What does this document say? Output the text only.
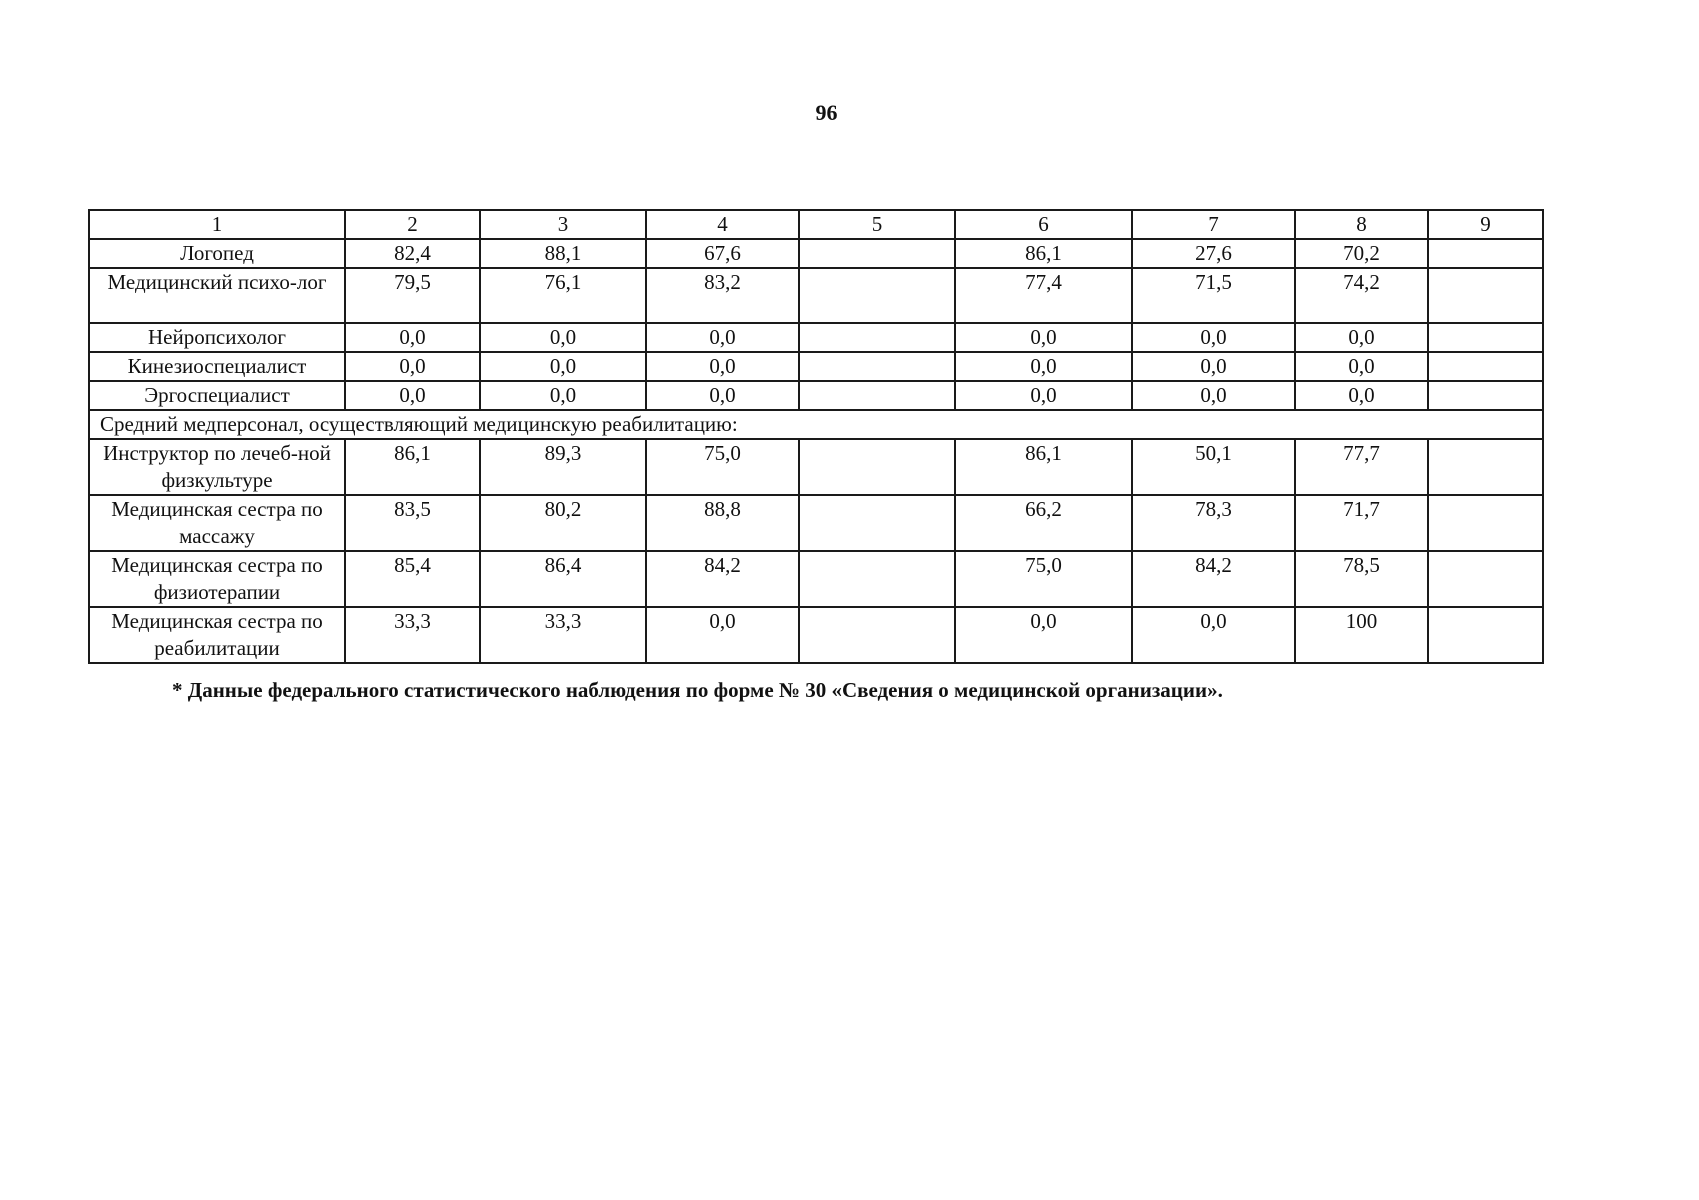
96
1	2	3	4	5	6	7	8	9
Логопед	82,4	88,1	67,6		86,1	27,6	70,2	
Медицинский психо-лог	79,5	76,1	83,2		77,4	71,5	74,2	
Нейропсихолог	0,0	0,0	0,0		0,0	0,0	0,0	
Кинезиоспециалист	0,0	0,0	0,0		0,0	0,0	0,0	
Эргоспециалист	0,0	0,0	0,0		0,0	0,0	0,0	
Средний медперсонал, осуществляющий медицинскую реабилитацию:								
Инструктор по лечеб-ной физкультуре	86,1	89,3	75,0		86,1	50,1	77,7	
Медицинская сестра по массажу	83,5	80,2	88,8		66,2	78,3	71,7	
Медицинская сестра по физиотерапии	85,4	86,4	84,2		75,0	84,2	78,5	
Медицинская сестра по реабилитации	33,3	33,3	0,0		0,0	0,0	100	
* Данные федерального статистического наблюдения по форме № 30 «Сведения о медицинской организации».
